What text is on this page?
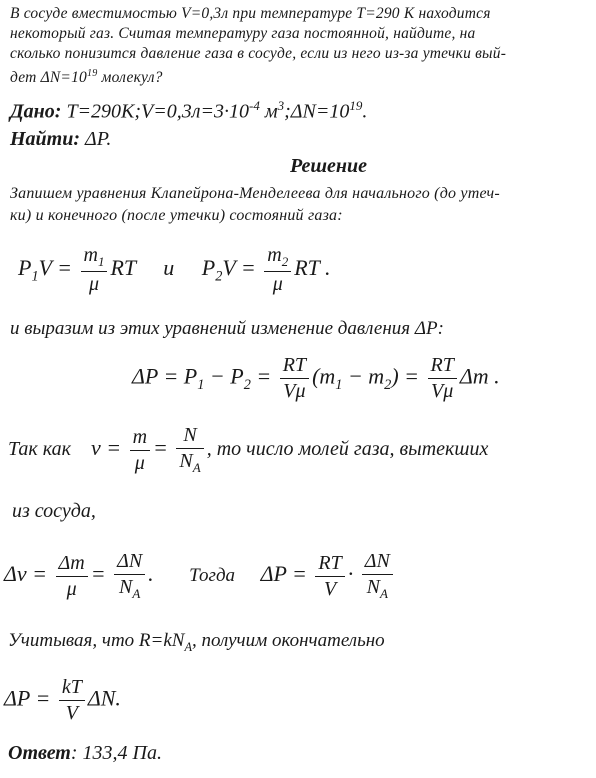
В сосуде вместимостью V=0,3л при температуре T=290 K находится
некоторый газ. Считая температуру газа постоянной, найдите, на
сколько понизится давление газа в сосуде, если из него из-за утечки вый-
дет $\Delta N=10^{19}$ молекул?
Дано: $T=290K;V=0,3л=3\cdot 10^{-4}$ $м^3;\Delta N=10^{19}$.
Найти: ΔP.
Решение
Запишем уравнения Клапейрона-Менделеева для начального (до утеч-
ки) и конечного (после утечки) состояний газа:
$P_1V = \frac{m_1}{\mu}$ RT и $P_2V = \frac{m_2}{\mu}$ RT .
и выразим из этих уравнений изменение давления ΔP:
$\Delta P = P_1 - P_2 = \frac{RT}{V\mu} (m_1 - m_2) = \frac{RT}{V\mu}$ Δm .
Так как $\nu = \frac{m}{\mu} = \frac{N}{N_A}$ , то число молей газа, вытекших
из сосуда,
$\Delta\nu = \frac{\Delta m}{\mu} = \frac{\Delta N}{N_A}$ . Тогда $\Delta P = \frac{RT}{V} \cdot \frac{\Delta N}{N_A}$
Учитывая, что $R=kN_A$, получим окончательно
$\Delta P = \frac{kT}{V} \Delta N$.
Ответ: 133,4 Па.
